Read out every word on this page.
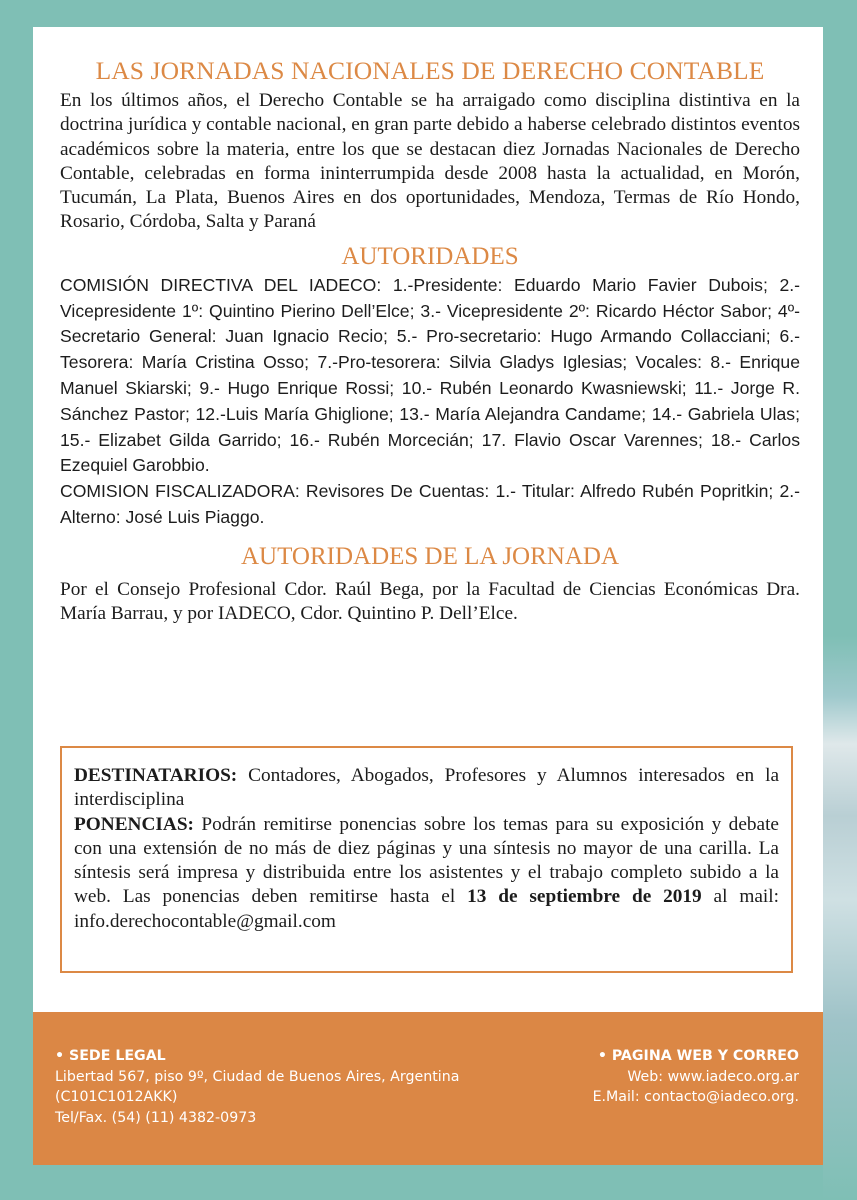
LAS JORNADAS NACIONALES DE DERECHO CONTABLE

En los últimos años, el Derecho Contable se ha arraigado como disciplina distintiva en la doctrina jurídica y contable nacional, en gran parte debido a haberse celebrado distintos eventos académicos sobre la materia, entre los que se destacan diez Jornadas Nacionales de Derecho Contable, celebradas en forma ininterrumpida desde 2008 hasta la actualidad, en Morón, Tucumán, La Plata, Buenos Aires en dos oportunidades, Mendoza, Termas de Río Hondo, Rosario, Córdoba, Salta y Paraná

AUTORIDADES

COMISIÓN DIRECTIVA DEL IADECO: 1.-Presidente: Eduardo Mario Favier Dubois; 2.- Vicepresidente 1º: Quintino Pierino Dell’Elce; 3.- Vicepresidente 2º: Ricardo Héctor Sabor; 4º- Secretario General: Juan Ignacio Recio; 5.- Pro-secretario: Hugo Armando Collacciani; 6.- Tesorera: María Cristina Osso; 7.-Pro-tesorera: Silvia Gladys Iglesias; Vocales: 8.- Enrique Manuel Skiarski; 9.- Hugo Enrique Rossi; 10.- Rubén Leonardo Kwasniewski; 11.- Jorge R. Sánchez Pastor; 12.-Luis María Ghiglione; 13.- María Alejandra Candame; 14.- Gabriela Ulas; 15.- Elizabet Gilda Garrido; 16.- Rubén Morcecián; 17. Flavio Oscar Varennes; 18.- Carlos Ezequiel Garobbio.

COMISION FISCALIZADORA: Revisores De Cuentas: 1.- Titular: Alfredo Rubén Popritkin; 2.- Alterno: José Luis Piaggo.

AUTORIDADES DE LA JORNADA

Por el Consejo Profesional Cdor. Raúl Bega, por la Facultad de Ciencias Económicas Dra. María Barrau, y por IADECO, Cdor. Quintino P. Dell’Elce.

DESTINATARIOS: Contadores, Abogados, Profesores y Alumnos interesados en la interdisciplina

PONENCIAS: Podrán remitirse ponencias sobre los temas para su exposición y debate con una extensión de no más de diez páginas y una síntesis no mayor de una carilla. La síntesis será impresa y distribuida entre los asistentes y el trabajo completo subido a la web. Las ponencias deben remitirse hasta el 13 de septiembre de 2019 al mail: info.derechocontable@gmail.com

• SEDE LEGAL
Libertad 567, piso 9º, Ciudad de Buenos Aires, Argentina
(C101C1012AKK)
Tel/Fax. (54) (11) 4382-0973
• PAGINA WEB Y CORREO
Web: www.iadeco.org.ar
E.Mail: contacto@iadeco.org.
